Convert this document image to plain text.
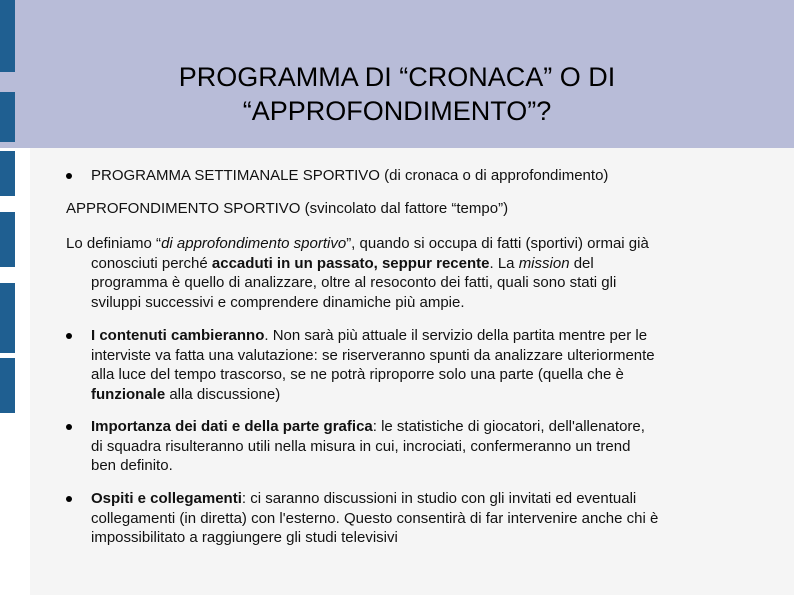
PROGRAMMA DI “CRONACA” O DI
“APPROFONDIMENTO”?
PROGRAMMA SETTIMANALE SPORTIVO (di cronaca o di approfondimento)
APPROFONDIMENTO SPORTIVO (svincolato dal fattore “tempo”)
Lo definiamo “di approfondimento sportivo”, quando si occupa di fatti (sportivi) ormai già
conosciuti perché accaduti in un passato, seppur recente. La mission del
programma è quello di analizzare, oltre al resoconto dei fatti, quali sono stati gli
sviluppi successivi e comprendere dinamiche più ampie.
I contenuti cambieranno. Non sarà più attuale il servizio della partita mentre per le
interviste va fatta una valutazione: se riserveranno spunti da analizzare ulteriormente
alla luce del tempo trascorso, se ne potrà riproporre solo una parte (quella che è
funzionale alla discussione)
Importanza dei dati e della parte grafica: le statistiche di giocatori, dell'allenatore,
di squadra risulteranno utili nella misura in cui, incrociati, confermeranno un trend
ben definito.
Ospiti e collegamenti: ci saranno discussioni in studio con gli invitati ed eventuali
collegamenti (in diretta) con l'esterno. Questo consentirà di far intervenire anche chi è
impossibilitato a raggiungere gli studi televisivi
